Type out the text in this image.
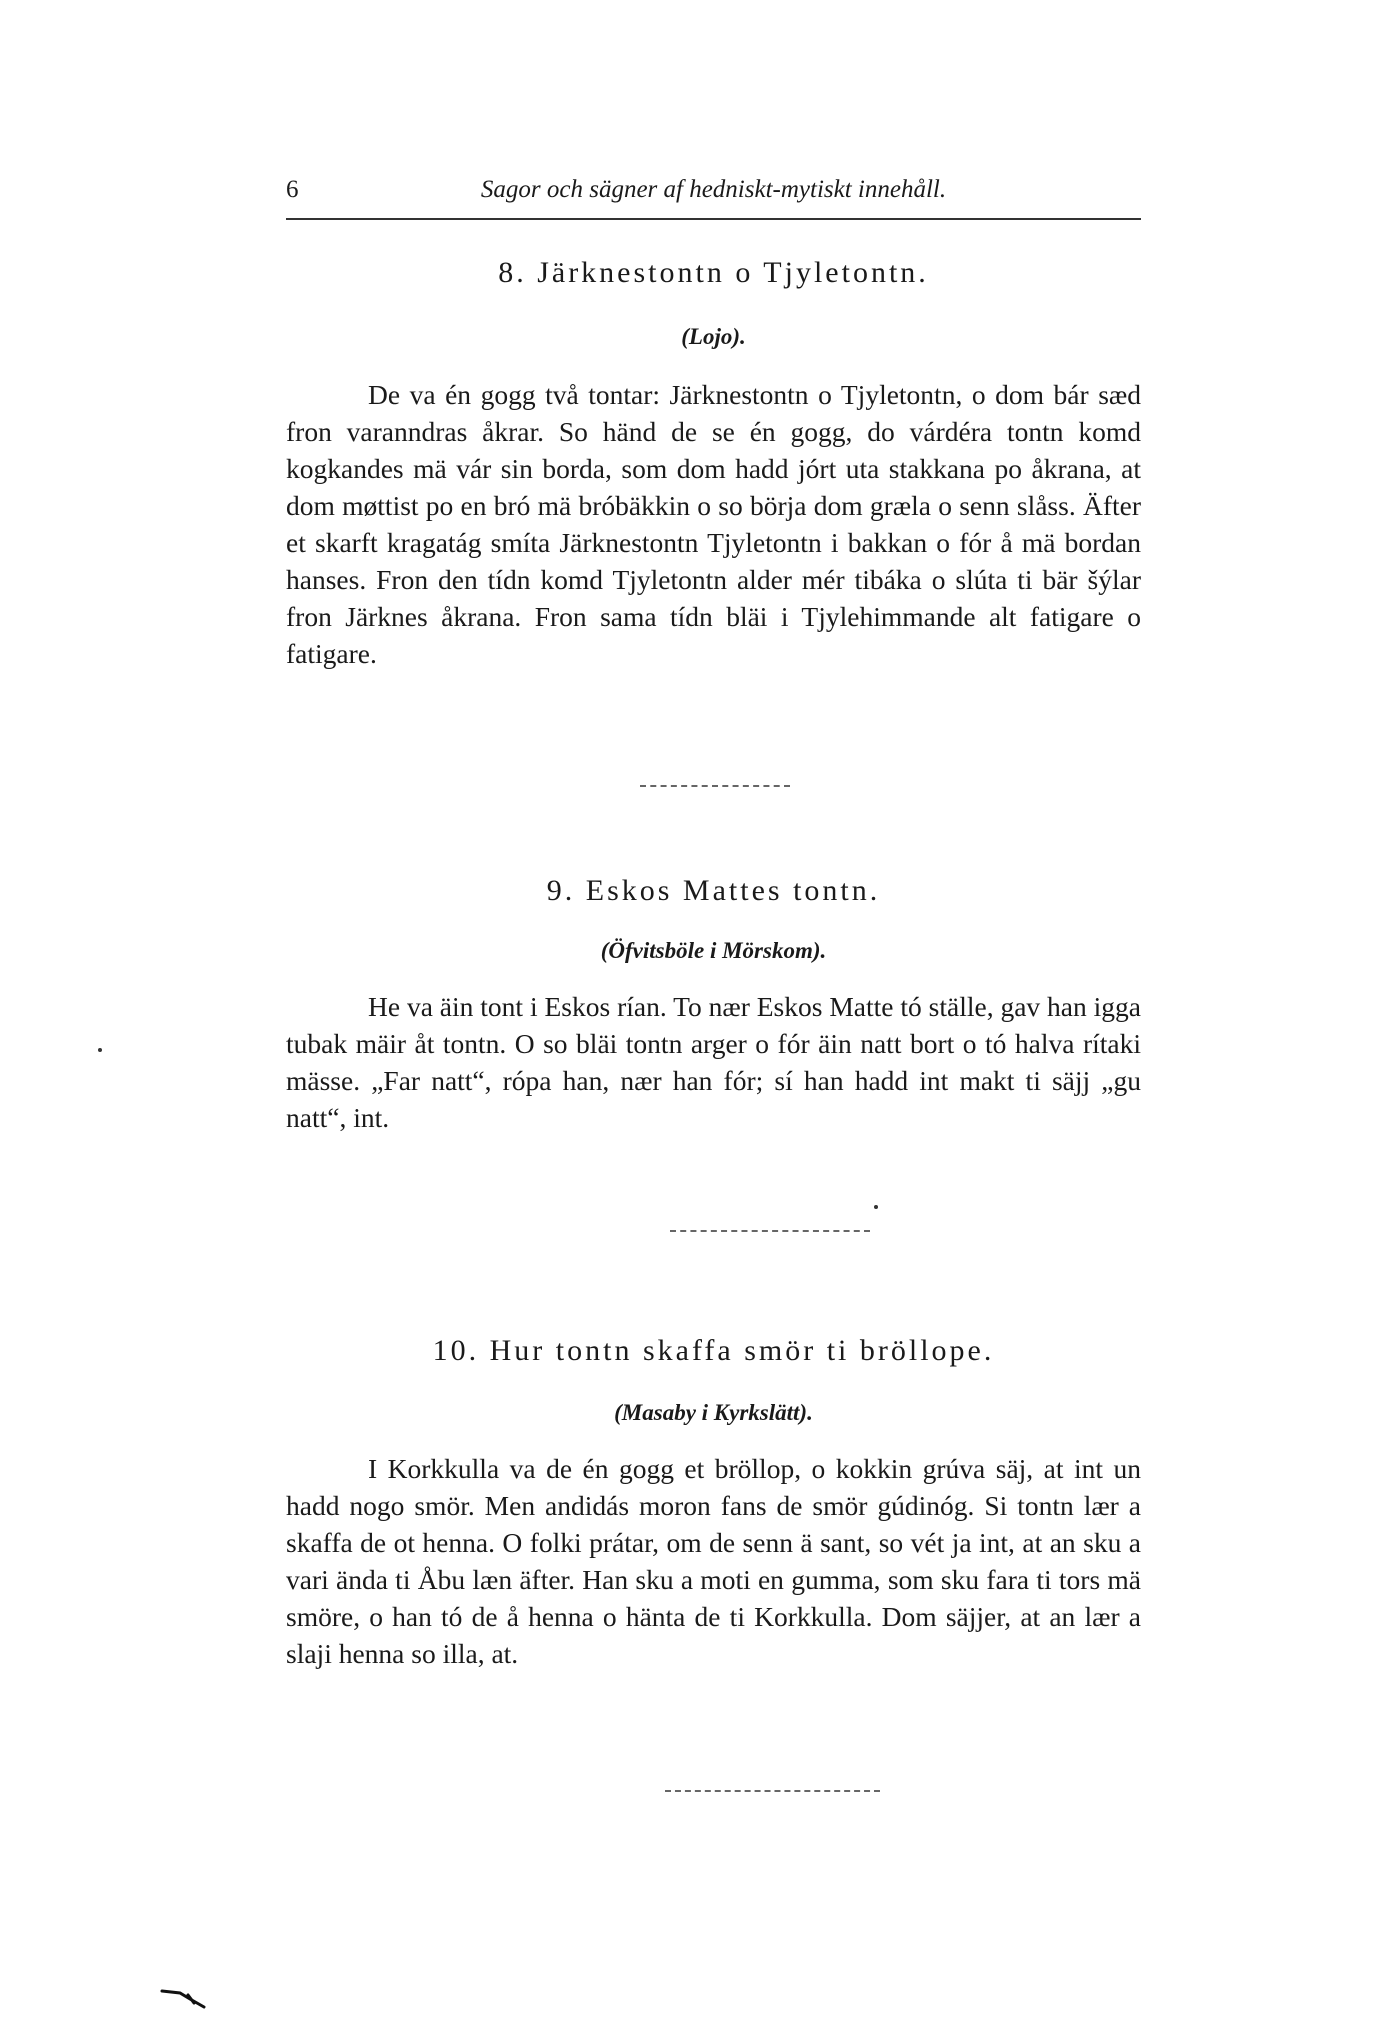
6	Sagor och sägner af hedniskt-mytiskt innehåll.
8. Järknestontn o Tjyletontn.
(Lojo).

De va én gogg två tontar: Järknestontn o Tjyletontn, o dom bár sæd fron varanndras åkrar. So händ de se én gogg, do várdéra tontn komd kogkandes mä vár sin borda, som dom hadd jórt uta stakkana po åkrana, at dom møttist po en bró mä bróbäkkin o so börja dom græla o senn slåss. Äfter et skarft kragatág smíta Järknestontn Tjyletontn i bakkan o fór å mä bordan hanses. Fron den tídn komd Tjyletontn alder mér tibáka o slúta ti bär šýlar fron Järknes åkrana. Fron sama tídn bläi i Tjylehimmande alt fatigare o fatigare.

9. Eskos Mattes tontn.
(Öfvitsböle i Mörskom).

He va äin tont i Eskos rían. To nær Eskos Matte tó ställe, gav han igga tubak mäir åt tontn. O so bläi tontn arger o fór äin natt bort o tó halva rítaki mässe. „Far natt“, rópa han, nær han fór; sí han hadd int makt ti säjj „gu natt“, int.

10. Hur tontn skaffa smör ti bröllope.
(Masaby i Kyrkslätt).

I Korkkulla va de én gogg et bröllop, o kokkin grúva säj, at int un hadd nogo smör. Men andidás moron fans de smör gúdinóg. Si tontn lær a skaffa de ot henna. O folki prátar, om de senn ä sant, so vét ja int, at an sku a vari ända ti Åbu læn äfter. Han sku a moti en gumma, som sku fara ti tors mä smöre, o han tó de å henna o hänta de ti Korkkulla. Dom säjjer, at an lær a slaji henna so illa, at.
